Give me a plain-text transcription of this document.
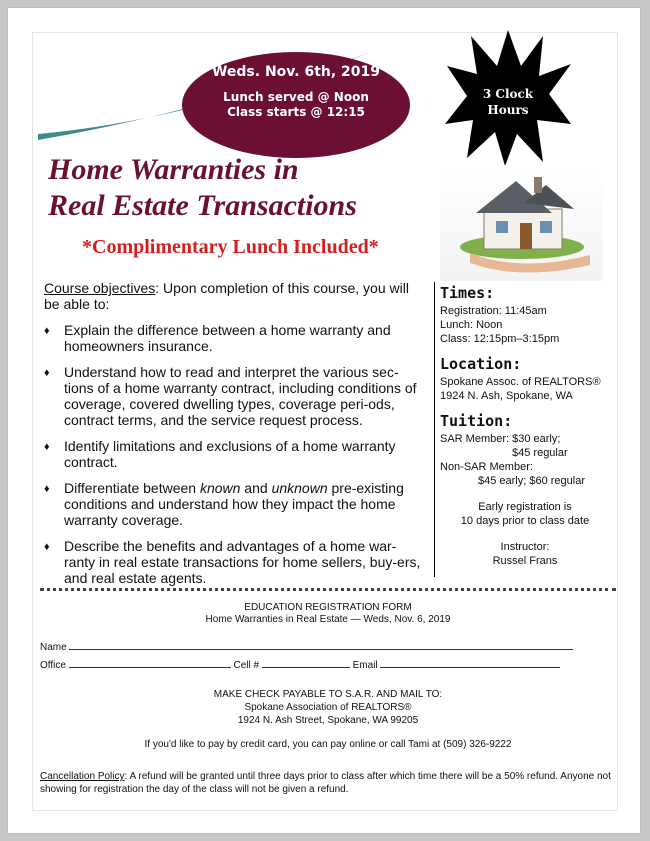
Weds. Nov. 6th, 2019
Lunch served @ Noon
Class starts @ 12:15
3 Clock
Hours
Home Warranties in
Real Estate Transactions
*Complimentary Lunch Included*
Course objectives: Upon completion of this course, you will be able to:
♦ Explain the difference between a home warranty and homeowners insurance.
♦ Understand how to read and interpret the various sec-tions of a home warranty contract, including conditions of coverage, covered dwelling types, coverage peri-ods, contract terms, and the service request process.
♦ Identify limitations and exclusions of a home warranty contract.
♦ Differentiate between known and unknown pre-existing conditions and understand how they impact the home warranty coverage.
♦ Describe the benefits and advantages of a home war-ranty in real estate transactions for home sellers, buy-ers, and real estate agents.
Times:
Registration: 11:45am
Lunch: Noon
Class: 12:15pm–3:15pm
Location:
Spokane Assoc. of REALTORS®
1924 N. Ash, Spokane, WA
Tuition:
SAR Member: $30 early;
$45 regular
Non-SAR Member:
$45 early; $60 regular
Early registration is
10 days prior to class date
Instructor:
Russel Frans
EDUCATION REGISTRATION FORM
Home Warranties in Real Estate — Weds, Nov. 6, 2019
Name
Office	Cell #	Email
MAKE CHECK PAYABLE TO S.A.R. AND MAIL TO:
Spokane Association of REALTORS®
1924 N. Ash Street, Spokane, WA 99205
If you'd like to pay by credit card, you can pay online or call Tami at (509) 326-9222
Cancellation Policy: A refund will be granted until three days prior to class after which time there will be a 50% refund. Anyone not showing for registration the day of the class will not be given a refund.
